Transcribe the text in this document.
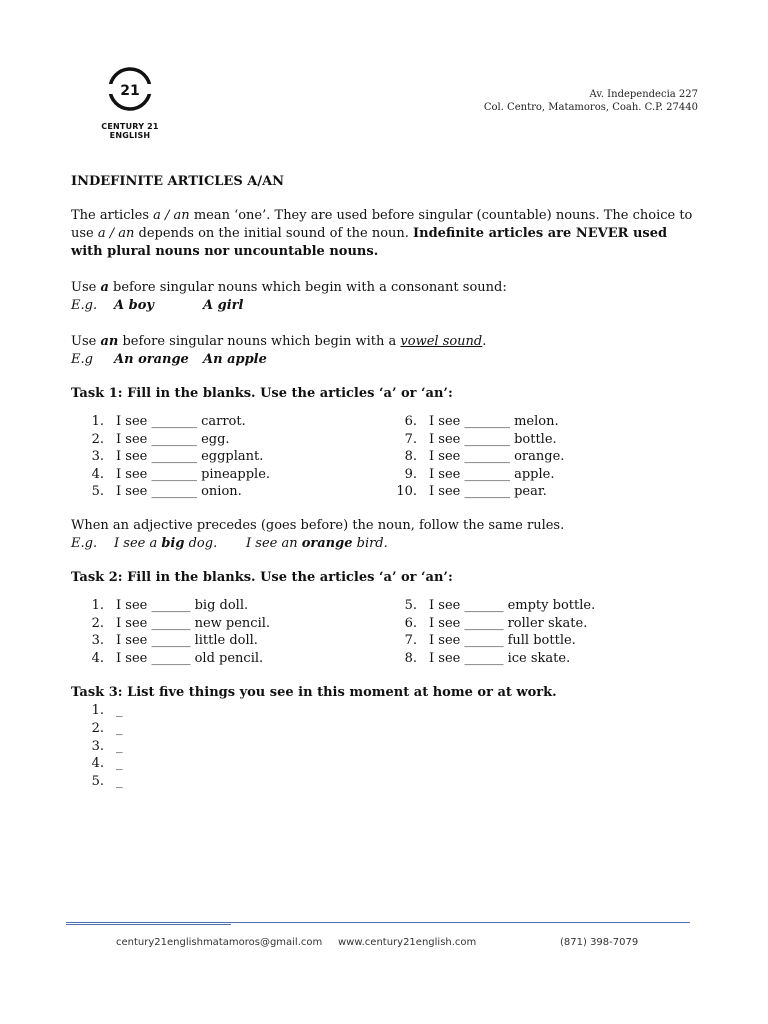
21
CENTURY 21 ENGLISH
Av. Independecia 227
Col. Centro, Matamoros, Coah. C.P. 27440
INDEFINITE ARTICLES A/AN

The articles a / an mean ‘one’. They are used before singular (countable) nouns. The choice to use a / an depends on the initial sound of the noun. Indefinite articles are NEVER used with plural nouns nor uncountable nouns.

Use a before singular nouns which begin with a consonant sound:

E.g.	A boy	A girl

Use an before singular nouns which begin with a vowel sound.

E.g	An orange	An apple

Task 1: Fill in the blanks. Use the articles ‘a’ or ‘an’:

1. I see _______ carrot.
2. I see _______ egg.
3. I see _______ eggplant.
4. I see _______ pineapple.
5. I see _______ onion.
6. I see _______ melon.
7. I see _______ bottle.
8. I see _______ orange.
9. I see _______ apple.
10. I see _______ pear.

When an adjective precedes (goes before) the noun, follow the same rules.

E.g.	I see a big dog.	I see an orange bird.

Task 2: Fill in the blanks. Use the articles ‘a’ or ‘an’:

1. I see ______ big doll.
2. I see ______ new pencil.
3. I see ______ little doll.
4. I see ______ old pencil.
5. I see ______ empty bottle.
6. I see ______ roller skate.
7. I see ______ full bottle.
8. I see ______ ice skate.

Task 3: List five things you see in this moment at home or at work.

1. _
2. _
3. _
4. _
5. _
century21englishmatamoros@gmail.com www.century21english.com	(871) 398-7079
